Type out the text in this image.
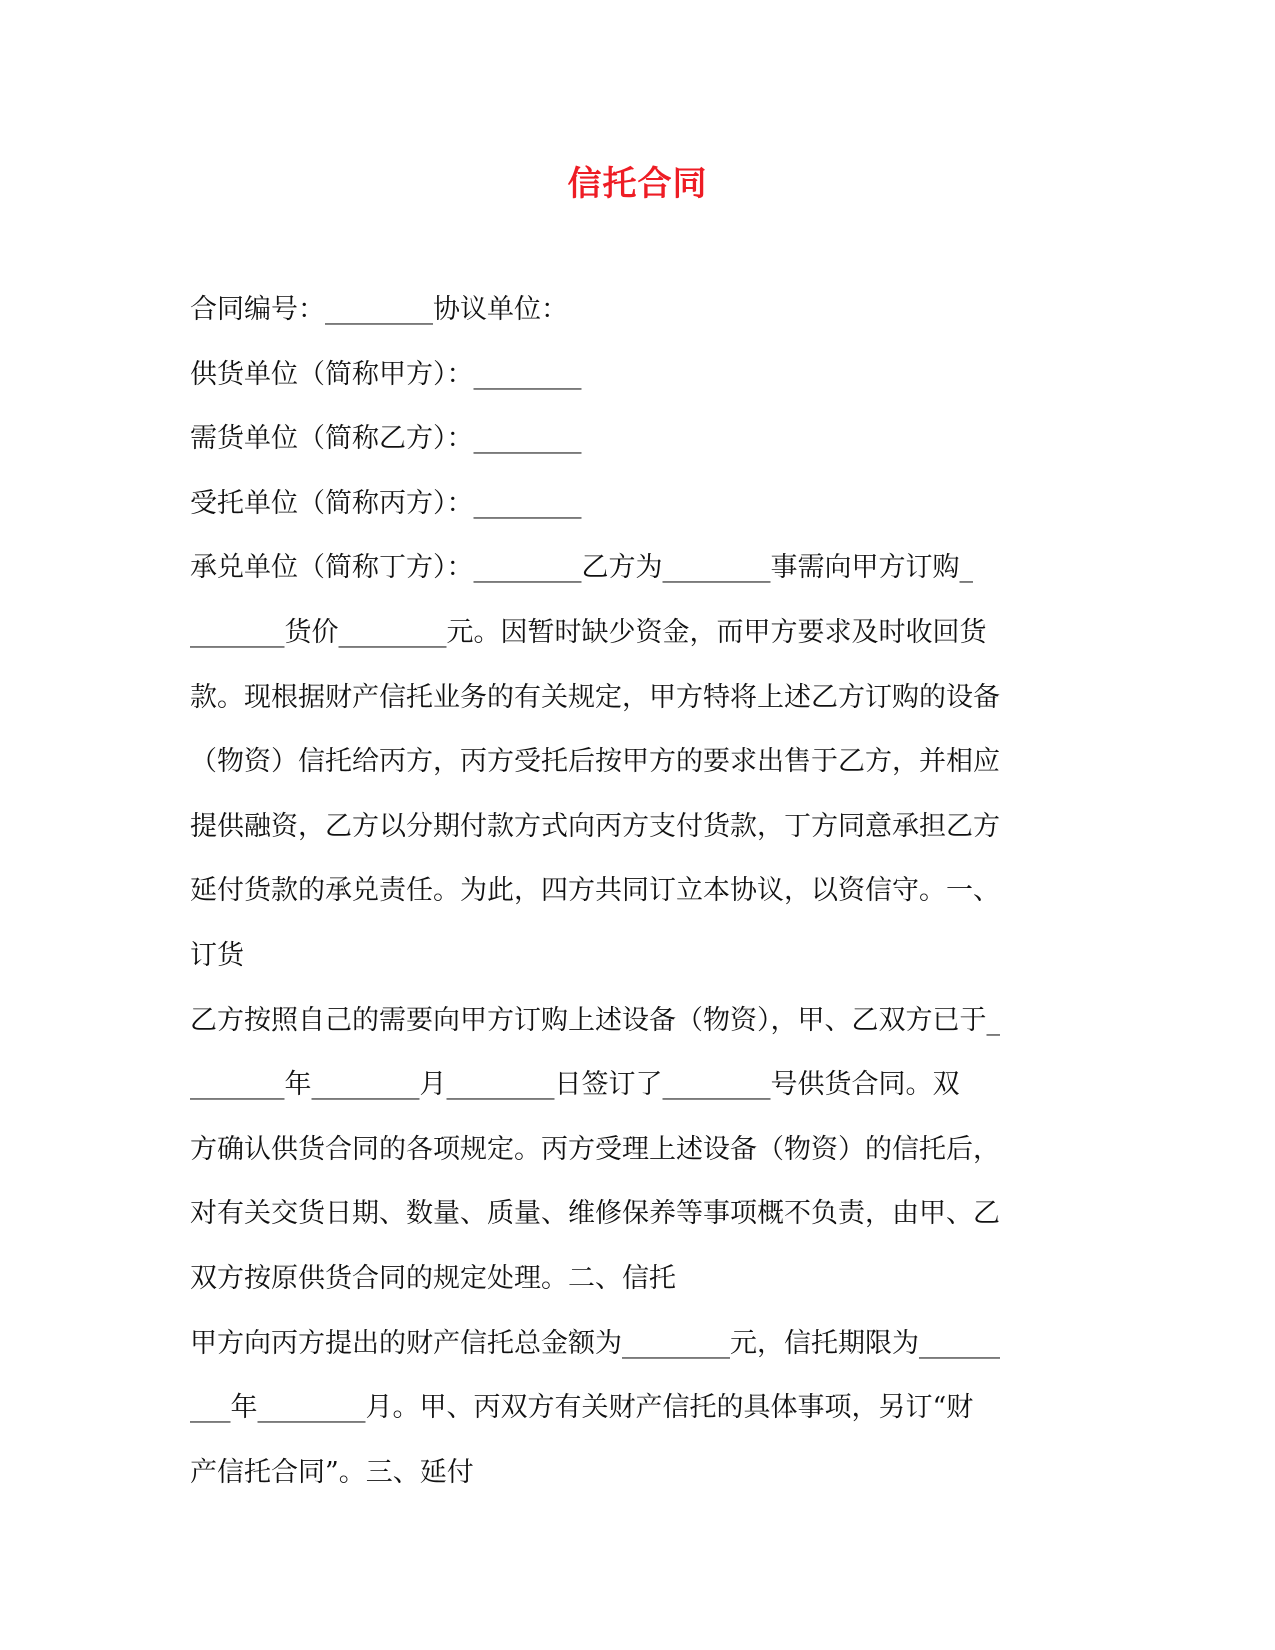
信托合同
合同编号：________协议单位：
供货单位（简称甲方）：________
需货单位（简称乙方）：________
受托单位（简称丙方）：________
承兑单位（简称丁方）：________乙方为________事需向甲方订购_
_______货价________元。因暂时缺少资金，而甲方要求及时收回货
款。现根据财产信托业务的有关规定，甲方特将上述乙方订购的设备
（物资）信托给丙方，丙方受托后按甲方的要求出售于乙方，并相应
提供融资，乙方以分期付款方式向丙方支付货款，丁方同意承担乙方
延付货款的承兑责任。为此，四方共同订立本协议，以资信守。一、
订货
乙方按照自己的需要向甲方订购上述设备（物资），甲、乙双方已于_
_______年________月________日签订了________号供货合同。双
方确认供货合同的各项规定。丙方受理上述设备（物资）的信托后，
对有关交货日期、数量、质量、维修保养等事项概不负责，由甲、乙
双方按原供货合同的规定处理。二、信托
甲方向丙方提出的财产信托总金额为________元，信托期限为______
___年________月。甲、丙双方有关财产信托的具体事项，另订“财
产信托合同”。三、延付
